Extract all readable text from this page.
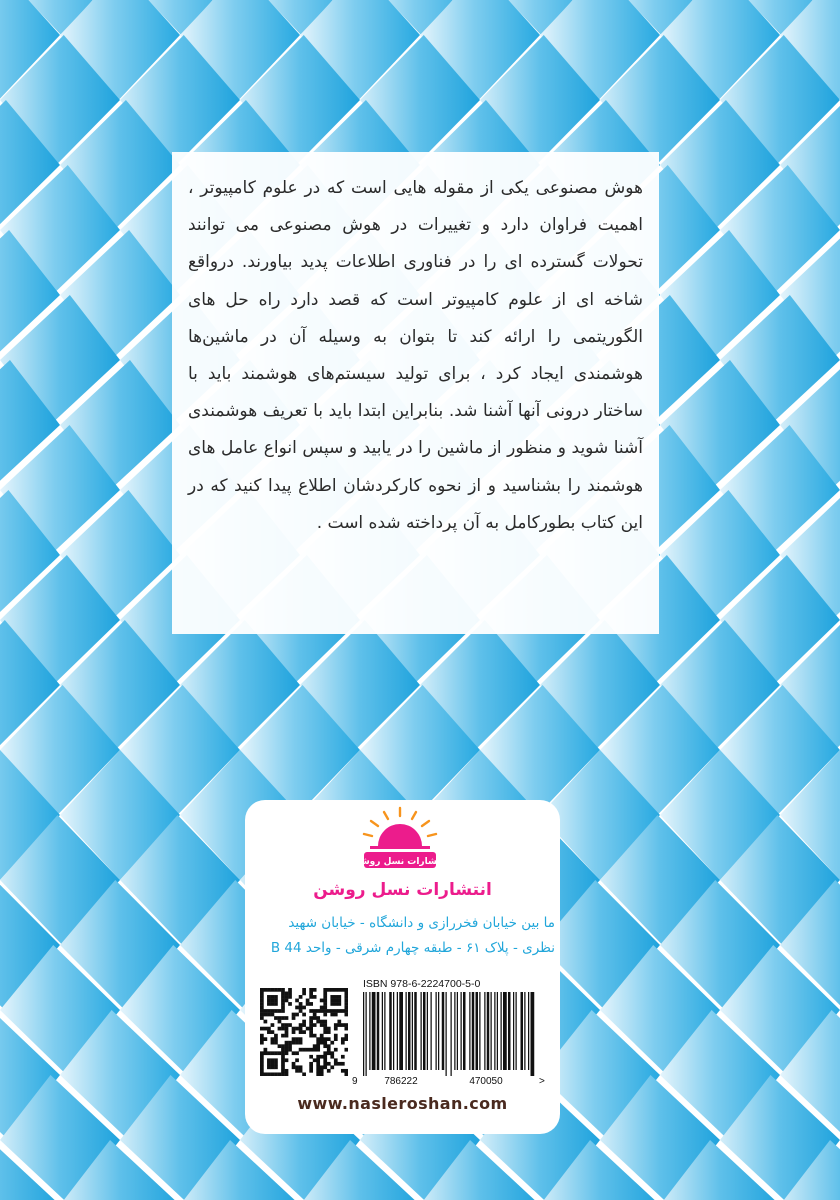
هوش مصنوعی یکی از مقوله هایی است که در علوم کامپیوتر ، اهمیت فراوان دارد و تغییرات در هوش مصنوعی می توانند تحولات گسترده ای را در فناوری اطلاعات پدید بیاورند. درواقع شاخه ای از علوم کامپیوتر است که قصد دارد راه حل های الگوریتمی را ارائه کند تا بتوان به وسیله آن در ماشین‌ها هوشمندی ایجاد کرد ، برای تولید سیستم‌های هوشمند باید با ساختار درونی آنها آشنا شد. بنابراین ابتدا باید با تعریف هوشمندی آشنا شوید و منظور از ماشین را در یابید و سپس انواع عامل های هوشمند را بشناسید و از نحوه کارکردشان اطلاع پیدا کنید که در این کتاب بطورکامل به آن پرداخته شده است .

انتشارات نسل روشن
انتشارات نسل روشن
ما بین خیابان فخررازی و دانشگاه - خیابان شهید
نظری - پلاک ۶۱ - طبقه چهارم شرقی - واحد 44 B
ISBN 978-6-2224700-5-0
9	786222	470050	>
www.nasleroshan.com
